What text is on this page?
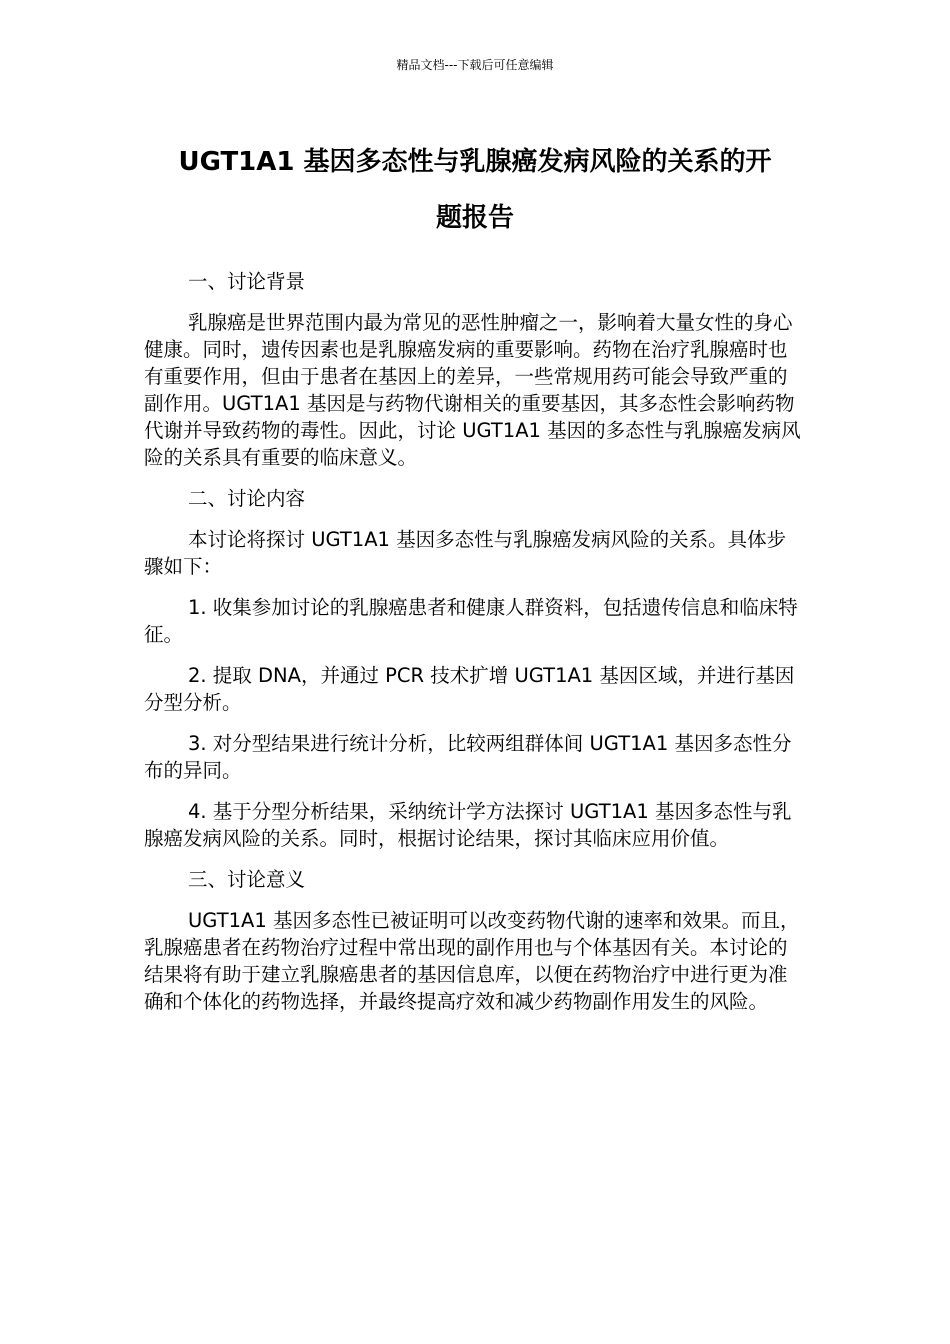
精品文档---下载后可任意编辑
UGT1A1 基因多态性与乳腺癌发病风险的关系的开
题报告
一、讨论背景

乳腺癌是世界范围内最为常见的恶性肿瘤之一，影响着大量女性的身心健康。同时，遗传因素也是乳腺癌发病的重要影响。药物在治疗乳腺癌时也有重要作用，但由于患者在基因上的差异，一些常规用药可能会导致严重的副作用。UGT1A1 基因是与药物代谢相关的重要基因，其多态性会影响药物代谢并导致药物的毒性。因此，讨论 UGT1A1 基因的多态性与乳腺癌发病风险的关系具有重要的临床意义。

二、讨论内容

本讨论将探讨 UGT1A1 基因多态性与乳腺癌发病风险的关系。具体步骤如下：

1. 收集参加讨论的乳腺癌患者和健康人群资料，包括遗传信息和临床特征。

2. 提取 DNA，并通过 PCR 技术扩增 UGT1A1 基因区域，并进行基因分型分析。

3. 对分型结果进行统计分析，比较两组群体间 UGT1A1 基因多态性分布的异同。

4. 基于分型分析结果，采纳统计学方法探讨 UGT1A1 基因多态性与乳腺癌发病风险的关系。同时，根据讨论结果，探讨其临床应用价值。

三、讨论意义

UGT1A1 基因多态性已被证明可以改变药物代谢的速率和效果。而且，乳腺癌患者在药物治疗过程中常出现的副作用也与个体基因有关。本讨论的结果将有助于建立乳腺癌患者的基因信息库，以便在药物治疗中进行更为准确和个体化的药物选择，并最终提高疗效和减少药物副作用发生的风险。
